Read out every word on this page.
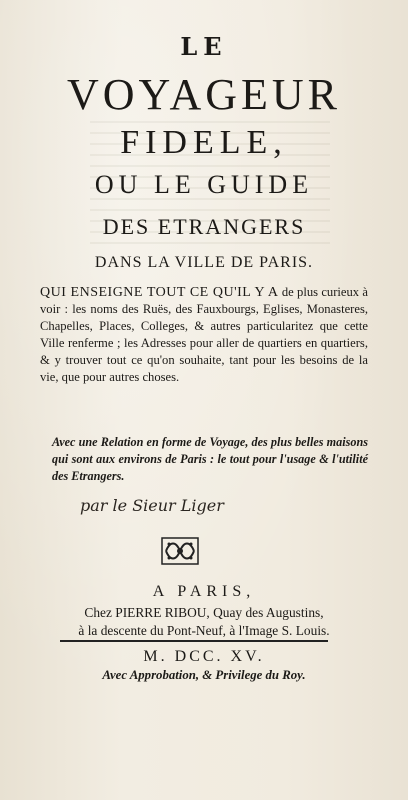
LE
VOYAGEUR
FIDELE,
OU LE GUIDE
DES ETRANGERS
DANS LA VILLE DE PARIS.
QUI ENSEIGNE TOUT CE QU'IL Y A de plus curieux à voir : les noms des Ruës, des Fauxbourgs, Eglises, Monasteres, Chapelles, Places, Colleges, & autres particularitez que cette Ville renferme ; les Adresses pour aller de quartiers en quartiers, & y trouver tout ce qu'on souhaite, tant pour les besoins de la vie, que pour autres choses.
Avec une Relation en forme de Voyage, des plus belles maisons qui sont aux environs de Paris : le tout pour l'usage & l'utilité des Etrangers.
par le Sieur Liger
A PARIS,
Chez PIERRE RIBOU, Quay des Augustins,
à la descente du Pont-Neuf, à l'Image S. Louis.
M. DCC. XV.
Avec Approbation, & Privilege du Roy.
